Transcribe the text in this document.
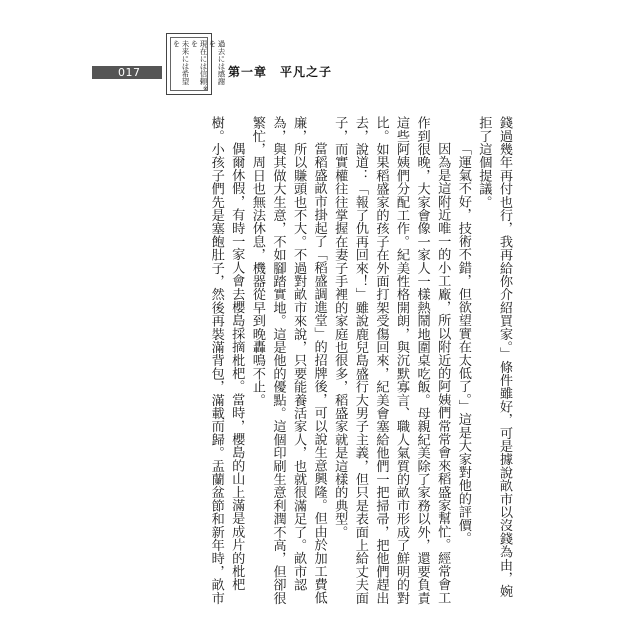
過去には感謝を
現在には信頼を
未来には希望を
※
017	第一章　平凡之子

錢過幾年再付也行，我再給你介紹買家。」條件雖好，可是據說畝市以沒錢為由，婉拒了這個提議。

「運氣不好，技術不錯，但欲望實在太低了。」這是大家對他的評價。

因為是這附近唯一的小工廠，所以附近的阿姨們常常會來稻盛家幫忙。經常會工作到很晚，大家會像一家人一樣熱鬧地圍桌吃飯。母親紀美除了家務以外，還要負責這些阿姨們分配工作。紀美性格開朗，與沉默寡言、職人氣質的畝市形成了鮮明的對比。如果稻盛家的孩子在外面打架受傷回來，紀美會塞給他們一把掃帚，把他們趕出去，說道：「報了仇再回來！」雖說鹿兒島盛行大男子主義，但只是表面上給丈夫面子，而實權往往掌握在妻子手裡的家庭也很多，稻盛家就是這樣的典型。

當稻盛畝市掛起了「稻盛調進堂」的招牌後，可以說生意興隆。但由於加工費低廉，所以賺頭也不大。不過對畝市來說，只要能養活家人，也就很滿足了。畝市認為，與其做大生意，不如腳踏實地。這是他的優點。這個印刷生意利潤不高，但卻很繁忙，周日也無法休息，機器從早到晚轟鳴不止。

偶爾休假，有時一家人會去櫻島採摘枇杷。當時，櫻島的山上滿是成片的枇杷樹。小孩子們先是塞飽肚子，然後再裝滿背包，滿載而歸。盂蘭盆節和新年時，畝市
